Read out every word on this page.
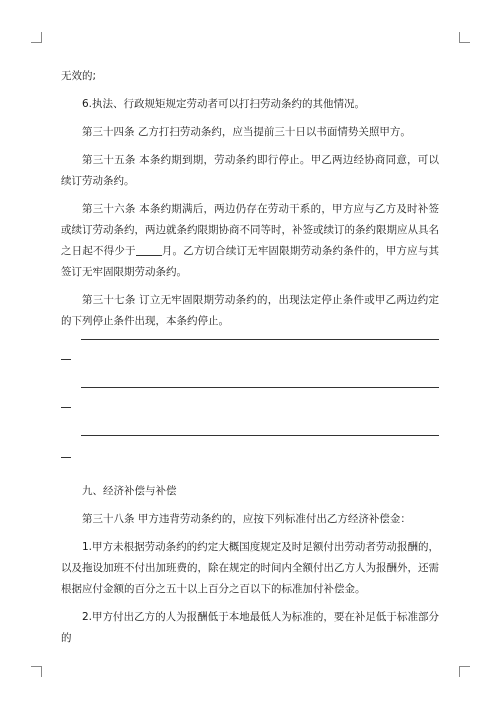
无效的;

6.执法、行政规矩规定劳动者可以打扫劳动条约的其他情况。

第三十四条 乙方打扫劳动条约，应当提前三十日以书面情势关照甲方。

第三十五条 本条约期到期，劳动条约即行停止。甲乙两边经协商同意，可以续订劳动条约。

第三十六条 本条约期满后，两边仍存在劳动干系的，甲方应与乙方及时补签或续订劳动条约，两边就条约限期协商不同等时，补签或续订的条约限期应从具名之日起不得少于 月。乙方切合续订无牢固限期劳动条约条件的，甲方应与其签订无牢固限期劳动条约。

第三十七条 订立无牢固限期劳动条约的，出现法定停止条件或甲乙两边约定的下列停止条件出现，本条约停止。

九、经济补偿与补偿

第三十八条 甲方违背劳动条约的，应按下列标准付出乙方经济补偿金：

1.甲方未根据劳动条约的约定大概国度规定及时足额付出劳动者劳动报酬的，以及拖设加班不付出加班费的，除在规定的时间内全额付出乙方人为报酬外，还需根据应付金额的百分之五十以上百分之百以下的标准加付补偿金。

2.甲方付出乙方的人为报酬低于本地最低人为标准的，要在补足低于标准部分的
